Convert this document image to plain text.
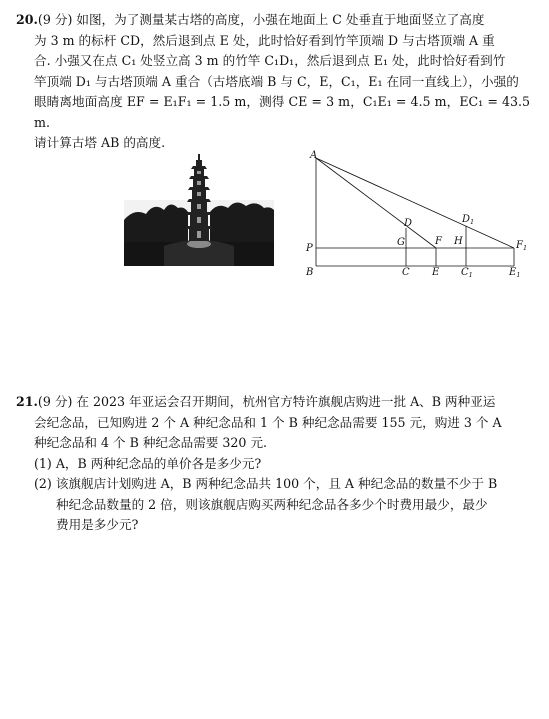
20.(9 分) 如图，为了测量某古塔的高度，小强在地面上 C 处垂直于地面竖立了高度

为 3 m 的标杆 CD，然后退到点 E 处，此时恰好看到竹竿顶端 D 与古塔顶端 A 重

合. 小强又在点 C₁ 处竖立高 3 m 的竹竿 C₁D₁，然后退到点 E₁ 处，此时恰好看到竹

竿顶端 D₁ 与古塔顶端 A 重合（古塔底端 B 与 C，E，C₁，E₁ 在同一直线上），小强的

眼睛离地面高度 EF = E₁F₁ = 1.5 m，测得 CE = 3 m，C₁E₁ = 4.5 m，EC₁ = 43.5 m.

请计算古塔 AB 的高度.

A
P
B
D
G	F H
$D_1$
$F_1$
C E $C_1$	$E_1$

21.(9 分) 在 2023 年亚运会召开期间，杭州官方特许旗舰店购进一批 A、B 两种亚运

会纪念品，已知购进 2 个 A 种纪念品和 1 个 B 种纪念品需要 155 元，购进 3 个 A

种纪念品和 4 个 B 种纪念品需要 320 元.

(1) A，B 两种纪念品的单价各是多少元?

(2) 该旗舰店计划购进 A，B 两种纪念品共 100 个，且 A 种纪念品的数量不少于 B

种纪念品数量的 2 倍，则该旗舰店购买两种纪念品各多少个时费用最少，最少

费用是多少元?
